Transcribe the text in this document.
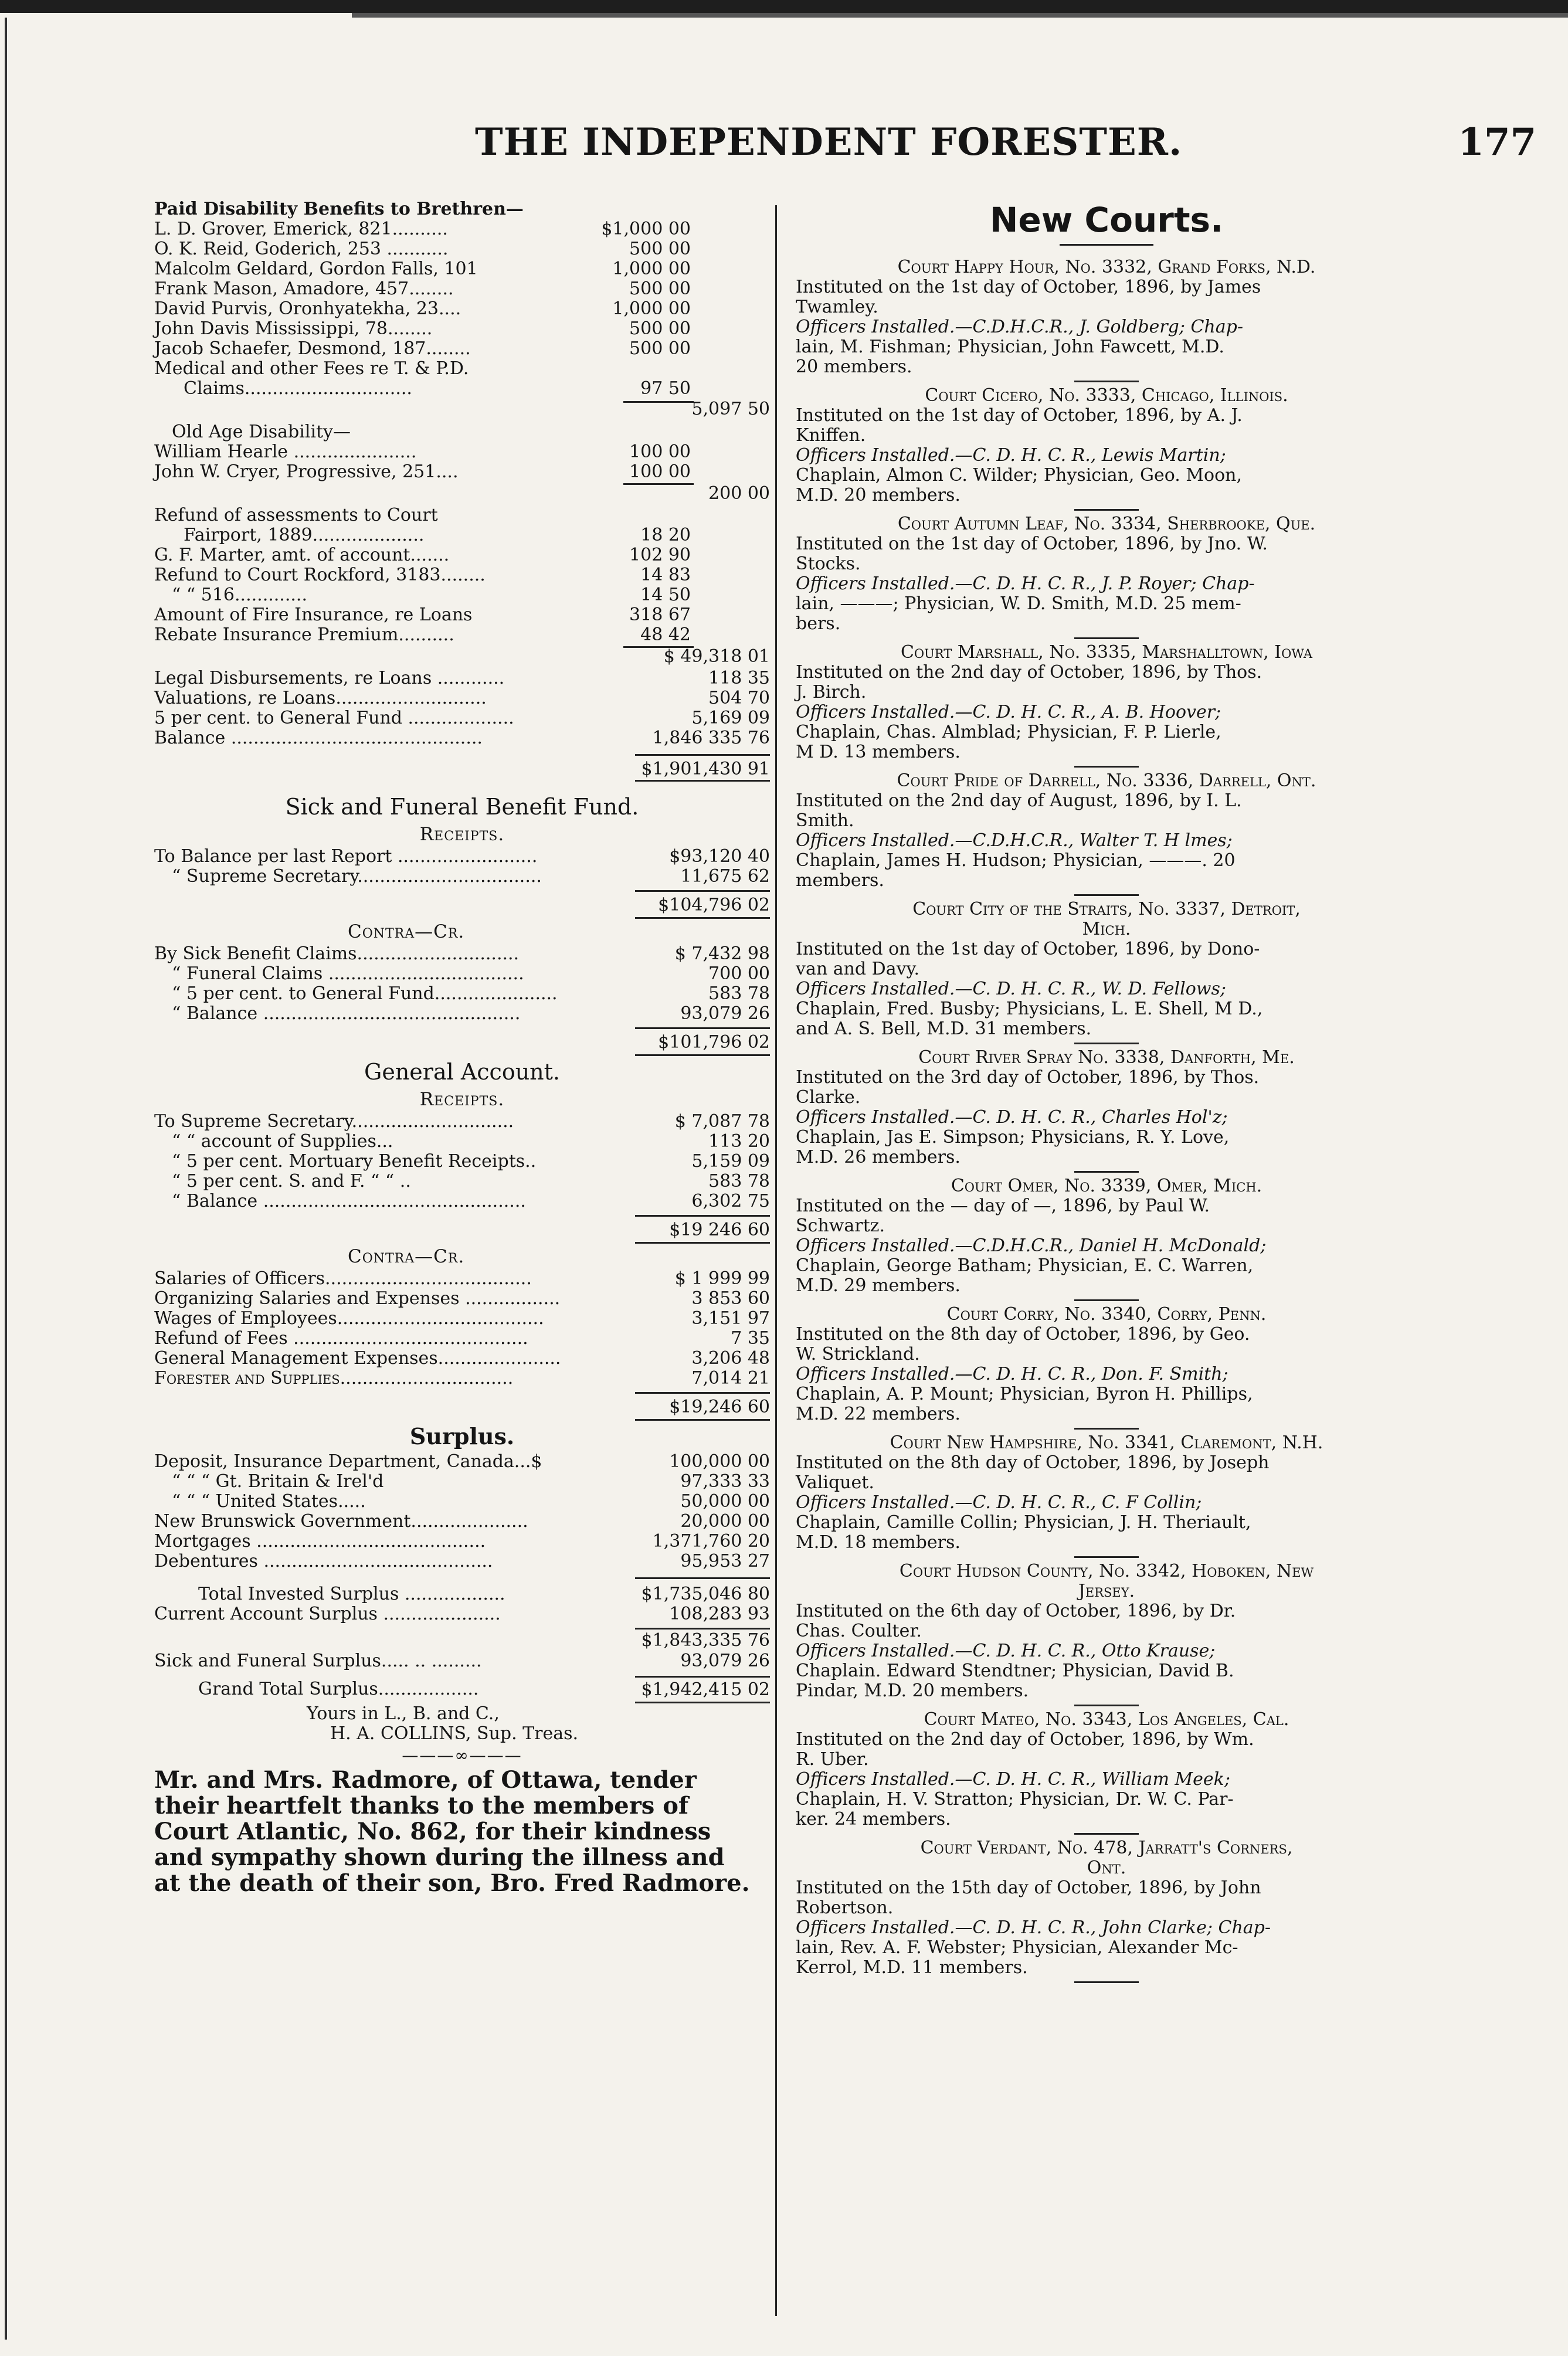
THE INDEPENDENT FORESTER.	177
Paid Disability Benefits to Brethren—
L. D. Grover, Emerick, 821..........	$1,000 00
O. K. Reid, Goderich, 253 ...........	500 00
Malcolm Geldard, Gordon Falls, 101	1,000 00
Frank Mason, Amadore, 457........	500 00
David Purvis, Oronhyatekha, 23....	1,000 00
John Davis Mississippi, 78........	500 00
Jacob Schaefer, Desmond, 187........	500 00
Medical and other Fees re T. & P.D.
Claims..............................	97 50
5,097 50
Old Age Disability—
William Hearle ......................	100 00
John W. Cryer, Progressive, 251....	100 00
200 00
Refund of assessments to Court
Fairport, 1889....................	18 20
G. F. Marter, amt. of account.......	102 90
Refund to Court Rockford, 3183........	14 83
“ “ 516.............	14 50
Amount of Fire Insurance, re Loans	318 67
Rebate Insurance Premium..........	48 42
$ 49,318 01
Legal Disbursements, re Loans ............	118 35
Valuations, re Loans...........................	504 70
5 per cent. to General Fund ...................	5,169 09
Balance .............................................	1,846 335 76
$1,901,430 91
Sick and Funeral Benefit Fund.
Receipts.
To Balance per last Report .........................	$93,120 40
“ Supreme Secretary.................................	11,675 62
$104,796 02
Contra—Cr.
By Sick Benefit Claims.............................	$ 7,432 98
“ Funeral Claims ...................................	700 00
“ 5 per cent. to General Fund......................	583 78
“ Balance ..............................................	93,079 26
$101,796 02
General Account.
Receipts.
To Supreme Secretary.............................	$ 7,087 78
“ “ account of Supplies...	113 20
“ 5 per cent. Mortuary Benefit Receipts..	5,159 09
“ 5 per cent. S. and F. “ “ ..	583 78
“ Balance ...............................................	6,302 75
$19 246 60
Contra—Cr.
Salaries of Officers.....................................	$ 1 999 99
Organizing Salaries and Expenses .................	3 853 60
Wages of Employees.....................................	3,151 97
Refund of Fees ..........................................	7 35
General Management Expenses......................	3,206 48
Forester and Supplies...............................	7,014 21
$19,246 60
Surplus.
Deposit, Insurance Department, Canada...$	100,000 00
“ “ “ Gt. Britain & Irel'd	97,333 33
“ “ “ United States.....	50,000 00
New Brunswick Government.....................	20,000 00
Mortgages .........................................	1,371,760 20
Debentures .........................................	95,953 27
Total Invested Surplus ..................	$1,735,046 80
Current Account Surplus .....................	108,283 93
$1,843,335 76
Sick and Funeral Surplus..... .. .........	93,079 26
Grand Total Surplus..................	$1,942,415 02
Yours in L., B. and C.,
H. A. COLLINS, Sup. Treas.
———∞———
Mr. and Mrs. Radmore, of Ottawa, tender
their heartfelt thanks to the members of
Court Atlantic, No. 862, for their kindness
and sympathy shown during the illness and
at the death of their son, Bro. Fred Radmore.
New Courts.
Court Happy Hour, No. 3332, Grand Forks, N.D.
Instituted on the 1st day of October, 1896, by James
Twamley.
Officers Installed.—C.D.H.C.R., J. Goldberg; Chap-
lain, M. Fishman; Physician, John Fawcett, M.D.
20 members.
Court Cicero, No. 3333, Chicago, Illinois.
Instituted on the 1st day of October, 1896, by A. J.
Kniffen.
Officers Installed.—C. D. H. C. R., Lewis Martin;
Chaplain, Almon C. Wilder; Physician, Geo. Moon,
M.D. 20 members.
Court Autumn Leaf, No. 3334, Sherbrooke, Que.
Instituted on the 1st day of October, 1896, by Jno. W.
Stocks.
Officers Installed.—C. D. H. C. R., J. P. Royer; Chap-
lain, ———; Physician, W. D. Smith, M.D. 25 mem-
bers.
Court Marshall, No. 3335, Marshalltown, Iowa
Instituted on the 2nd day of October, 1896, by Thos.
J. Birch.
Officers Installed.—C. D. H. C. R., A. B. Hoover;
Chaplain, Chas. Almblad; Physician, F. P. Lierle,
M D. 13 members.
Court Pride of Darrell, No. 3336, Darrell, Ont.
Instituted on the 2nd day of August, 1896, by I. L.
Smith.
Officers Installed.—C.D.H.C.R., Walter T. H lmes;
Chaplain, James H. Hudson; Physician, ———. 20
members.
Court City of the Straits, No. 3337, Detroit,
Mich.
Instituted on the 1st day of October, 1896, by Dono-
van and Davy.
Officers Installed.—C. D. H. C. R., W. D. Fellows;
Chaplain, Fred. Busby; Physicians, L. E. Shell, M D.,
and A. S. Bell, M.D. 31 members.
Court River Spray No. 3338, Danforth, Me.
Instituted on the 3rd day of October, 1896, by Thos.
Clarke.
Officers Installed.—C. D. H. C. R., Charles Hol'z;
Chaplain, Jas E. Simpson; Physicians, R. Y. Love,
M.D. 26 members.
Court Omer, No. 3339, Omer, Mich.
Instituted on the — day of —, 1896, by Paul W.
Schwartz.
Officers Installed.—C.D.H.C.R., Daniel H. McDonald;
Chaplain, George Batham; Physician, E. C. Warren,
M.D. 29 members.
Court Corry, No. 3340, Corry, Penn.
Instituted on the 8th day of October, 1896, by Geo.
W. Strickland.
Officers Installed.—C. D. H. C. R., Don. F. Smith;
Chaplain, A. P. Mount; Physician, Byron H. Phillips,
M.D. 22 members.
Court New Hampshire, No. 3341, Claremont, N.H.
Instituted on the 8th day of October, 1896, by Joseph
Valiquet.
Officers Installed.—C. D. H. C. R., C. F Collin;
Chaplain, Camille Collin; Physician, J. H. Theriault,
M.D. 18 members.
Court Hudson County, No. 3342, Hoboken, New
Jersey.
Instituted on the 6th day of October, 1896, by Dr.
Chas. Coulter.
Officers Installed.—C. D. H. C. R., Otto Krause;
Chaplain. Edward Stendtner; Physician, David B.
Pindar, M.D. 20 members.
Court Mateo, No. 3343, Los Angeles, Cal.
Instituted on the 2nd day of October, 1896, by Wm.
R. Uber.
Officers Installed.—C. D. H. C. R., William Meek;
Chaplain, H. V. Stratton; Physician, Dr. W. C. Par-
ker. 24 members.
Court Verdant, No. 478, Jarratt's Corners,
Ont.
Instituted on the 15th day of October, 1896, by John
Robertson.
Officers Installed.—C. D. H. C. R., John Clarke; Chap-
lain, Rev. A. F. Webster; Physician, Alexander Mc-
Kerrol, M.D. 11 members.
